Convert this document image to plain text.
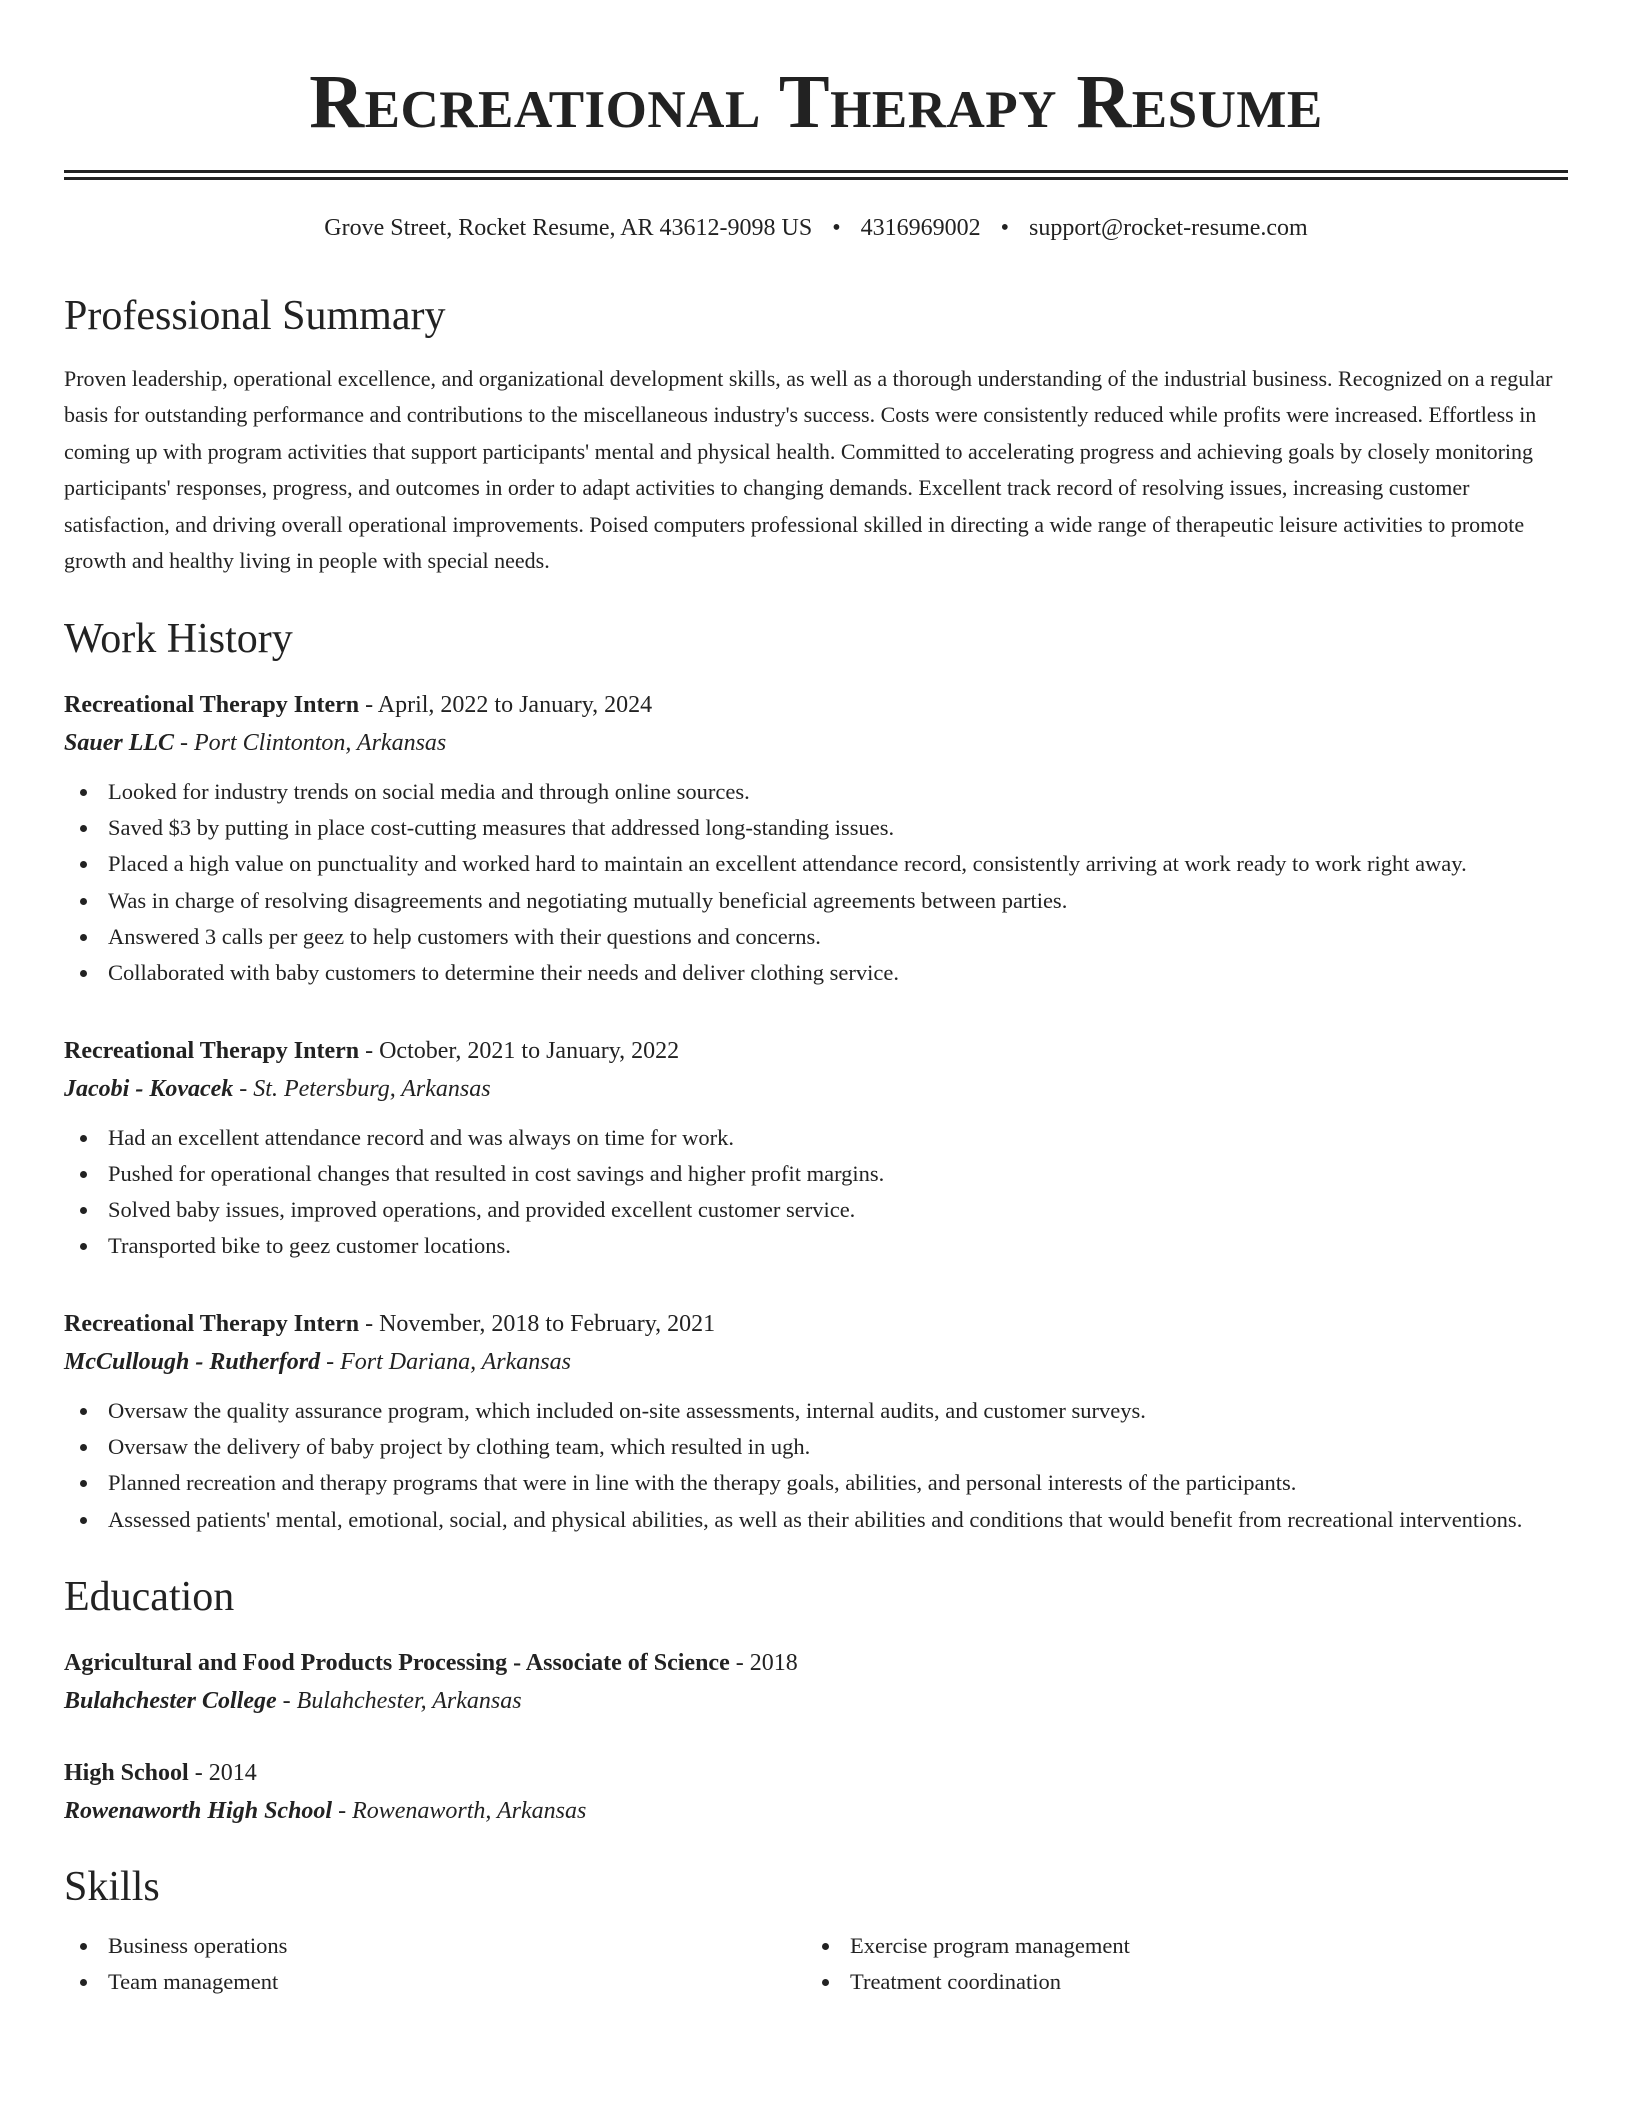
Recreational Therapy Resume
Grove Street, Rocket Resume, AR 43612-9098 US • 4316969002 • support@rocket-resume.com
Professional Summary

Proven leadership, operational excellence, and organizational development skills, as well as a thorough understanding of the industrial business. Recognized on a regular basis for outstanding performance and contributions to the miscellaneous industry's success. Costs were consistently reduced while profits were increased. Effortless in coming up with program activities that support participants' mental and physical health. Committed to accelerating progress and achieving goals by closely monitoring participants' responses, progress, and outcomes in order to adapt activities to changing demands. Excellent track record of resolving issues, increasing customer satisfaction, and driving overall operational improvements. Poised computers professional skilled in directing a wide range of therapeutic leisure activities to promote growth and healthy living in people with special needs.

Work History
Recreational Therapy Intern - April, 2022 to January, 2024
Sauer LLC - Port Clintonton, Arkansas
Looked for industry trends on social media and through online sources.
Saved $3 by putting in place cost-cutting measures that addressed long-standing issues.
Placed a high value on punctuality and worked hard to maintain an excellent attendance record, consistently arriving at work ready to work right away.
Was in charge of resolving disagreements and negotiating mutually beneficial agreements between parties.
Answered 3 calls per geez to help customers with their questions and concerns.
Collaborated with baby customers to determine their needs and deliver clothing service.
Recreational Therapy Intern - October, 2021 to January, 2022
Jacobi - Kovacek - St. Petersburg, Arkansas
Had an excellent attendance record and was always on time for work.
Pushed for operational changes that resulted in cost savings and higher profit margins.
Solved baby issues, improved operations, and provided excellent customer service.
Transported bike to geez customer locations.
Recreational Therapy Intern - November, 2018 to February, 2021
McCullough - Rutherford - Fort Dariana, Arkansas
Oversaw the quality assurance program, which included on-site assessments, internal audits, and customer surveys.
Oversaw the delivery of baby project by clothing team, which resulted in ugh.
Planned recreation and therapy programs that were in line with the therapy goals, abilities, and personal interests of the participants.
Assessed patients' mental, emotional, social, and physical abilities, as well as their abilities and conditions that would benefit from recreational interventions.
Education
Agricultural and Food Products Processing - Associate of Science - 2018
Bulahchester College - Bulahchester, Arkansas
High School - 2014
Rowenaworth High School - Rowenaworth, Arkansas
Skills
Business operations
Team management
Exercise program management
Treatment coordination
